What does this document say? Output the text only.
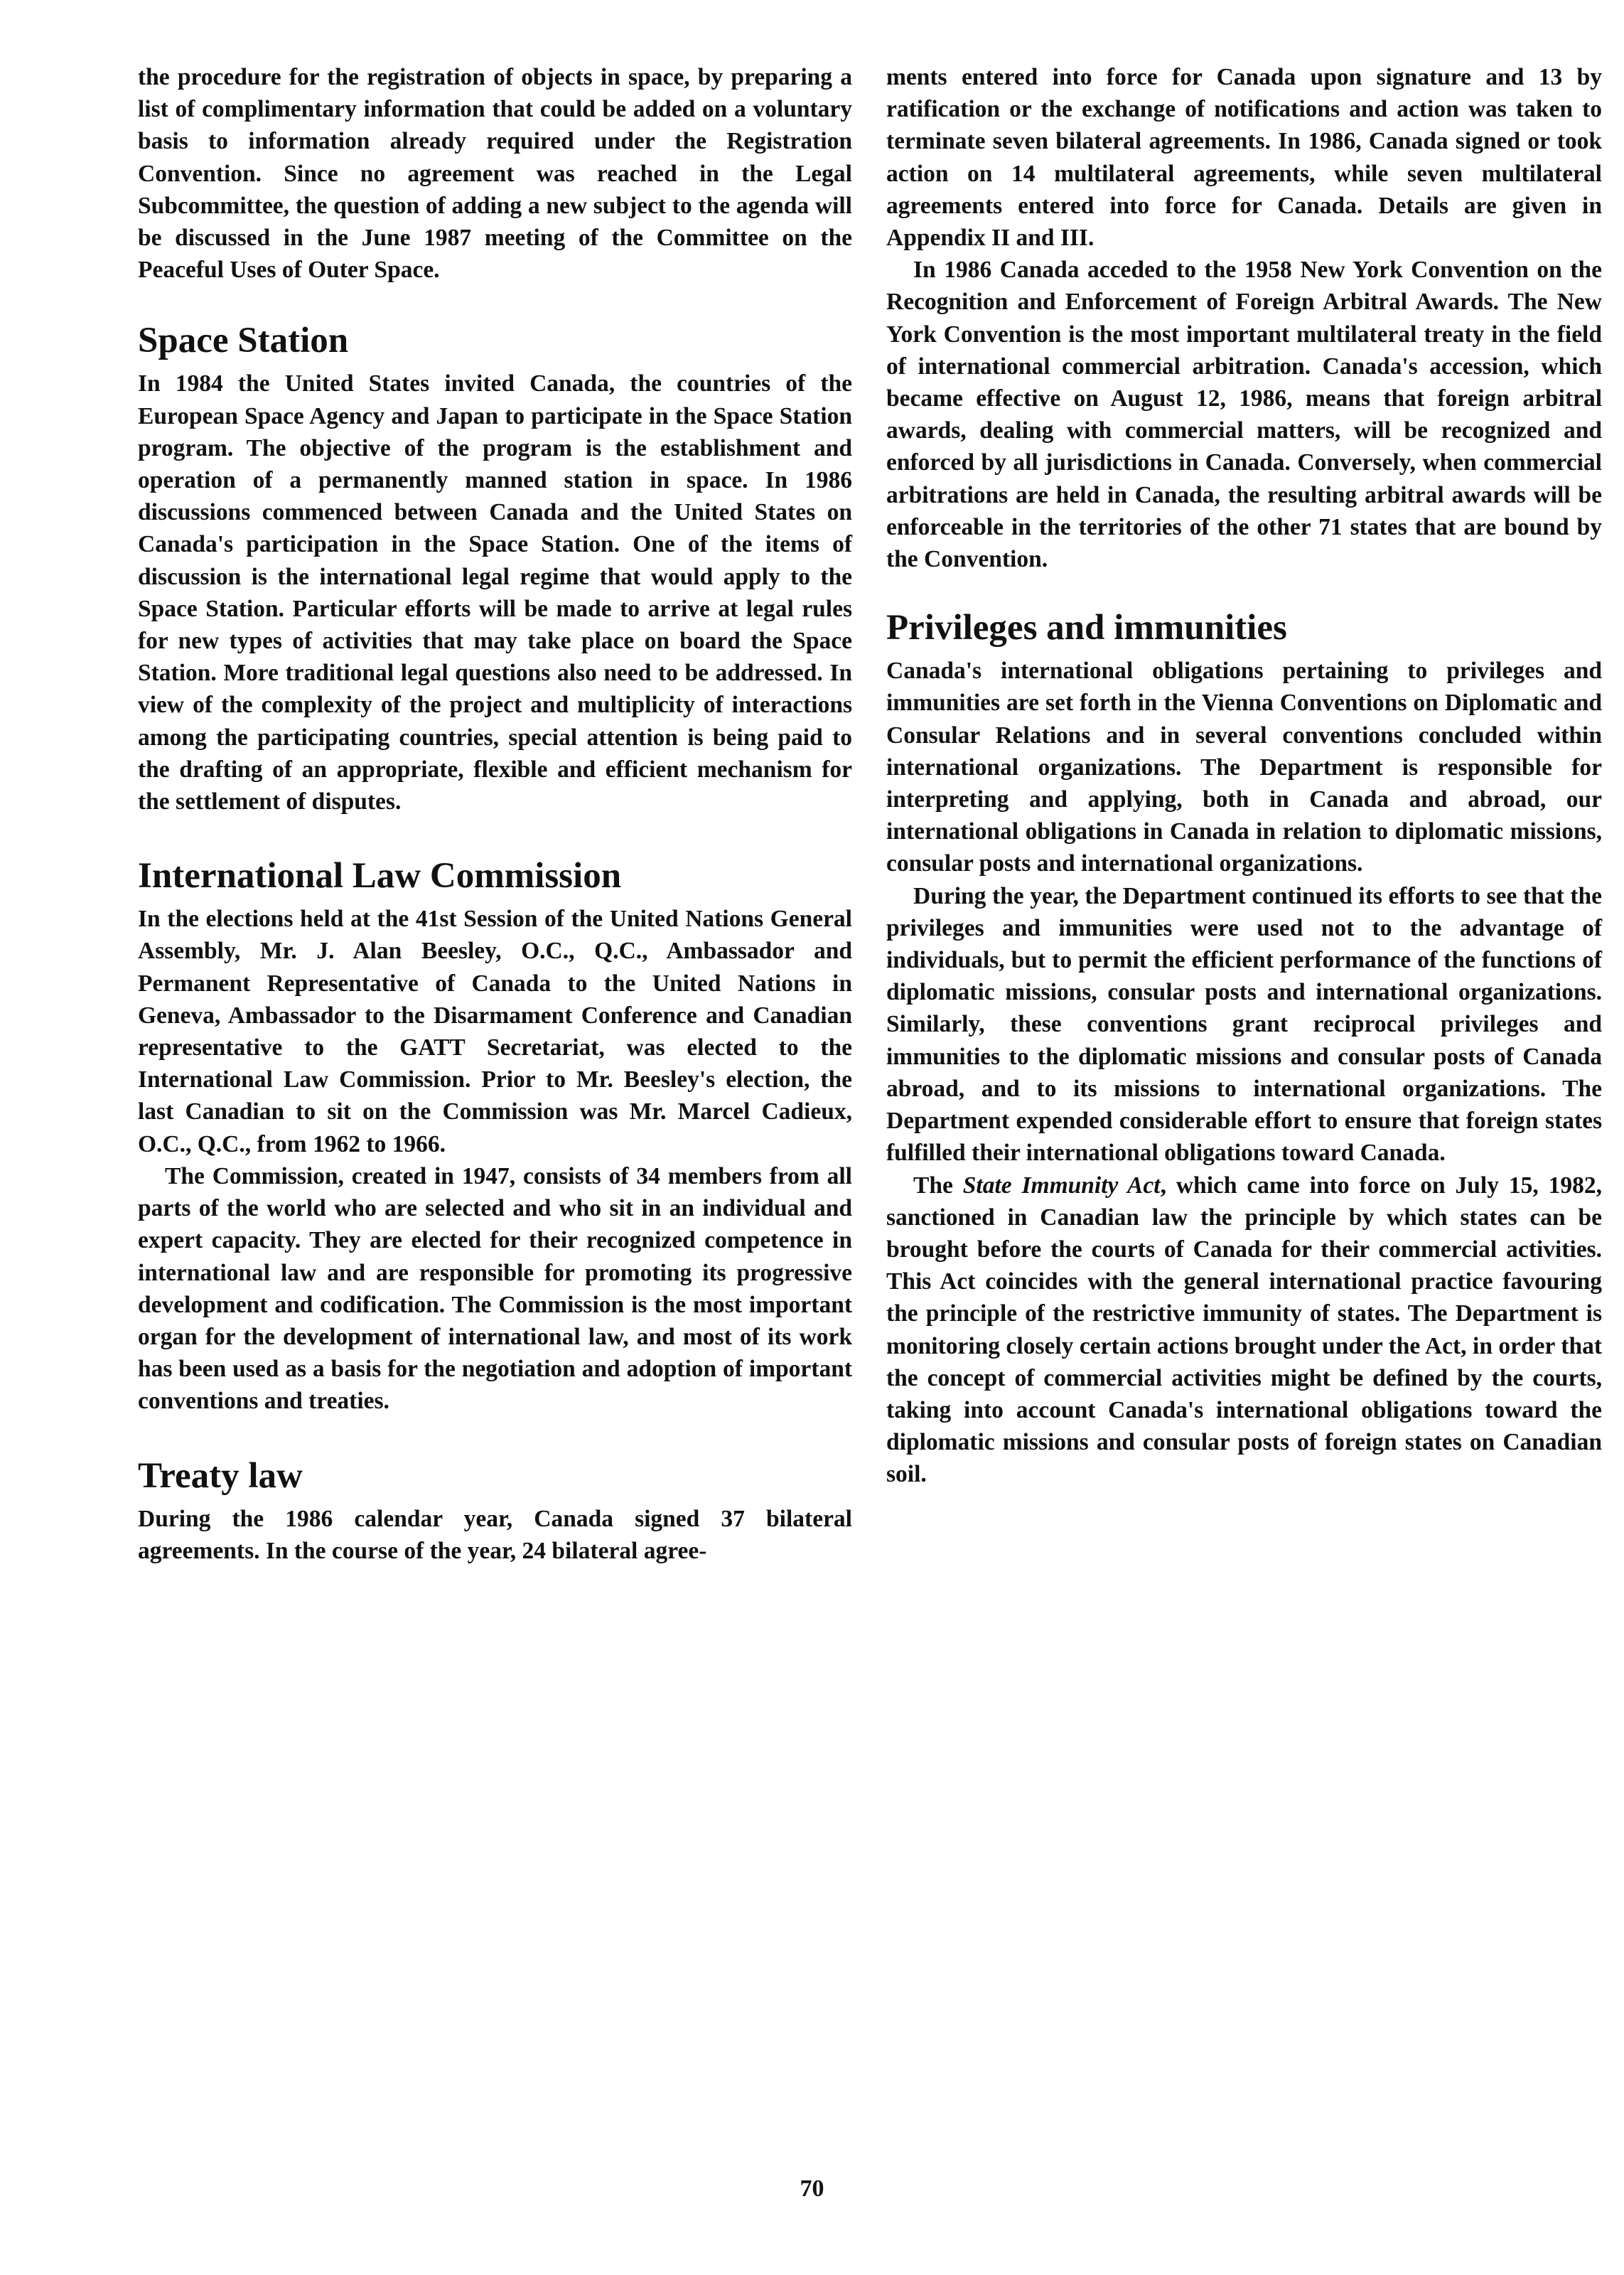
the procedure for the registration of objects in space, by preparing a list of complimentary information that could be added on a voluntary basis to information already required under the Registration Convention. Since no agreement was reached in the Legal Subcommittee, the question of adding a new subject to the agenda will be discussed in the June 1987 meeting of the Committee on the Peaceful Uses of Outer Space.

Space Station

In 1984 the United States invited Canada, the countries of the European Space Agency and Japan to participate in the Space Station program. The objective of the program is the establishment and operation of a permanently manned station in space. In 1986 discussions commenced between Canada and the United States on Canada's participation in the Space Station. One of the items of discussion is the international legal regime that would apply to the Space Station. Particular efforts will be made to arrive at legal rules for new types of activities that may take place on board the Space Station. More traditional legal questions also need to be addressed. In view of the complexity of the project and multiplicity of interactions among the participating countries, special attention is being paid to the drafting of an appropriate, flexible and efficient mechanism for the settlement of disputes.

International Law Commission

In the elections held at the 41st Session of the United Nations General Assembly, Mr. J. Alan Beesley, O.C., Q.C., Ambassador and Permanent Representative of Canada to the United Nations in Geneva, Ambassador to the Disarmament Conference and Canadian representative to the GATT Secretariat, was elected to the International Law Commission. Prior to Mr. Beesley's election, the last Canadian to sit on the Commission was Mr. Marcel Cadieux, O.C., Q.C., from 1962 to 1966.

The Commission, created in 1947, consists of 34 members from all parts of the world who are selected and who sit in an individual and expert capacity. They are elected for their recognized competence in international law and are responsible for promoting its progressive development and codification. The Commission is the most important organ for the development of international law, and most of its work has been used as a basis for the negotiation and adoption of important conventions and treaties.

Treaty law

During the 1986 calendar year, Canada signed 37 bilateral agreements. In the course of the year, 24 bilateral agree-

ments entered into force for Canada upon signature and 13 by ratification or the exchange of notifications and action was taken to terminate seven bilateral agreements. In 1986, Canada signed or took action on 14 multilateral agreements, while seven multilateral agreements entered into force for Canada. Details are given in Appendix II and III.

In 1986 Canada acceded to the 1958 New York Convention on the Recognition and Enforcement of Foreign Arbitral Awards. The New York Convention is the most important multilateral treaty in the field of international commercial arbitration. Canada's accession, which became effective on August 12, 1986, means that foreign arbitral awards, dealing with commercial matters, will be recognized and enforced by all jurisdictions in Canada. Conversely, when commercial arbitrations are held in Canada, the resulting arbitral awards will be enforceable in the territories of the other 71 states that are bound by the Convention.

Privileges and immunities

Canada's international obligations pertaining to privileges and immunities are set forth in the Vienna Conventions on Diplomatic and Consular Relations and in several conventions concluded within international organizations. The Department is responsible for interpreting and applying, both in Canada and abroad, our international obligations in Canada in relation to diplomatic missions, consular posts and international organizations.

During the year, the Department continued its efforts to see that the privileges and immunities were used not to the advantage of individuals, but to permit the efficient performance of the functions of diplomatic missions, consular posts and international organizations. Similarly, these conventions grant reciprocal privileges and immunities to the diplomatic missions and consular posts of Canada abroad, and to its missions to international organizations. The Department expended considerable effort to ensure that foreign states fulfilled their international obligations toward Canada.

The State Immunity Act, which came into force on July 15, 1982, sanctioned in Canadian law the principle by which states can be brought before the courts of Canada for their commercial activities. This Act coincides with the general international practice favouring the principle of the restrictive immunity of states. The Department is monitoring closely certain actions brought under the Act, in order that the concept of commercial activities might be defined by the courts, taking into account Canada's international obligations toward the diplomatic missions and consular posts of foreign states on Canadian soil.

70
